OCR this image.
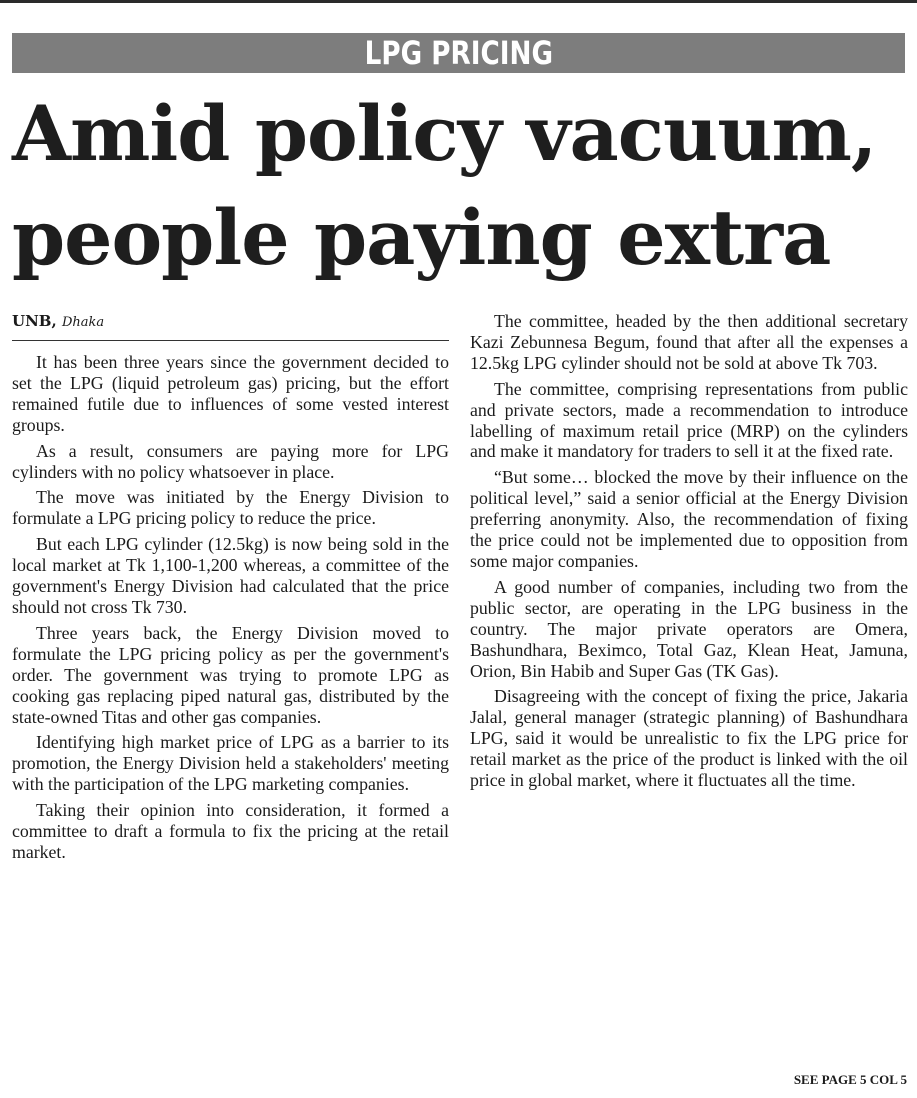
LPG PRICING
Amid policy vacuum,
people paying extra
UNB, Dhaka

It has been three years since the government decided to set the LPG (liquid petroleum gas) pricing, but the effort remained futile due to influences of some vested interest groups.

As a result, consumers are paying more for LPG cylinders with no policy whatsoever in place.

The move was initiated by the Energy Division to formulate a LPG pricing policy to reduce the price.

But each LPG cylinder (12.5kg) is now being sold in the local market at Tk 1,100-1,200 whereas, a committee of the government's Energy Division had calculated that the price should not cross Tk 730.

Three years back, the Energy Division moved to formulate the LPG pricing policy as per the government's order. The government was trying to promote LPG as cooking gas replacing piped natural gas, distributed by the state-owned Titas and other gas companies.

Identifying high market price of LPG as a barrier to its promotion, the Energy Division held a stakeholders' meeting with the participation of the LPG marketing companies.

Taking their opinion into consideration, it formed a committee to draft a formula to fix the pricing at the retail market.

The committee, headed by the then additional secretary Kazi Zebunnesa Begum, found that after all the expenses a 12.5kg LPG cylinder should not be sold at above Tk 703.

The committee, comprising representations from public and private sectors, made a recommendation to introduce labelling of maximum retail price (MRP) on the cylinders and make it mandatory for traders to sell it at the fixed rate.

“But some… blocked the move by their influence on the political level,” said a senior official at the Energy Division preferring anonymity. Also, the recommendation of fixing the price could not be implemented due to opposition from some major companies.

A good number of companies, including two from the public sector, are operating in the LPG business in the country. The major private operators are Omera, Bashundhara, Beximco, Total Gaz, Klean Heat, Jamuna, Orion, Bin Habib and Super Gas (TK Gas).

Disagreeing with the concept of fixing the price, Jakaria Jalal, general manager (strategic planning) of Bashundhara LPG, said it would be unrealistic to fix the LPG price for retail market as the price of the product is linked with the oil price in global market, where it fluctuates all the time.

SEE PAGE 5 COL 5
